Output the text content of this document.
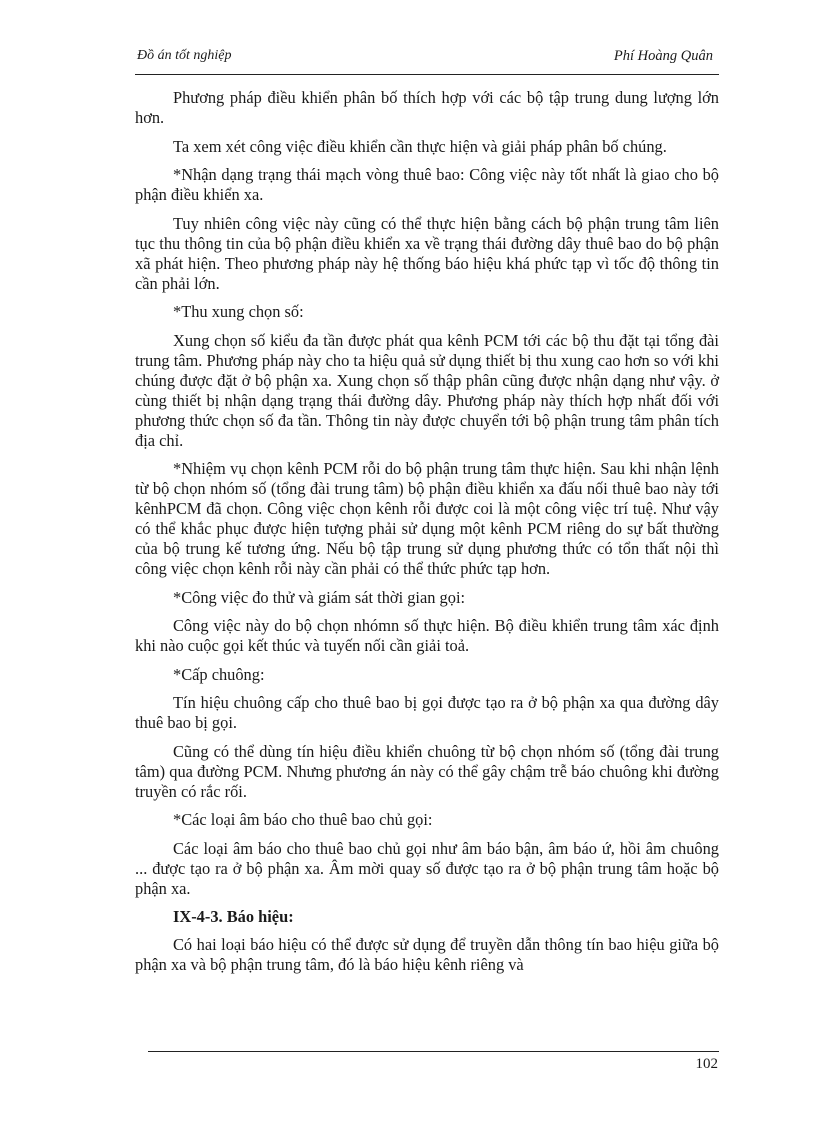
Đồ án tốt nghiệp	Phí Hoàng Quân

Phương pháp điều khiển phân bố thích hợp với các bộ tập trung dung lượng lớn hơn.

Ta xem xét công việc điều khiển cần thực hiện và giải pháp phân bố chúng.

*Nhận dạng trạng thái mạch vòng thuê bao: Công việc này tốt nhất là giao cho bộ phận điều khiển xa.

Tuy nhiên công việc này cũng có thể thực hiện bằng cách bộ phận trung tâm liên tục thu thông tin của bộ phận điều khiển xa về trạng thái đường dây thuê bao do bộ phận xã phát hiện. Theo phương pháp này hệ thống báo hiệu khá phức tạp vì tốc độ thông tin cần phải lớn.

*Thu xung chọn số:

Xung chọn số kiểu đa tần được phát qua kênh PCM tới các bộ thu đặt tại tổng đài trung tâm. Phương pháp này cho ta hiệu quả sử dụng thiết bị thu xung cao hơn so với khi chúng được đặt ở bộ phận xa. Xung chọn số thập phân cũng được nhận dạng như vậy. ở cùng thiết bị nhận dạng trạng thái đường dây. Phương pháp này thích hợp nhất đối với phương thức chọn số đa tần. Thông tin này được chuyển tới bộ phận trung tâm phân tích địa chỉ.

*Nhiệm vụ chọn kênh PCM rỗi do bộ phận trung tâm thực hiện. Sau khi nhận lệnh từ bộ chọn nhóm số (tổng đài trung tâm) bộ phận điều khiển xa đấu nối thuê bao này tới kênhPCM đã chọn. Công việc chọn kênh rỗi được coi là một công việc trí tuệ. Như vậy có thể khắc phục được hiện tượng phải sử dụng một kênh PCM riêng do sự bất thường của bộ trung kế tương ứng. Nếu bộ tập trung sử dụng phương thức có tổn thất nội thì công việc chọn kênh rỗi này cần phải có thể thức phức tạp hơn.

*Công việc đo thử và giám sát thời gian gọi:

Công việc này do bộ chọn nhómn số thực hiện. Bộ điều khiển trung tâm xác định khi nào cuộc gọi kết thúc và tuyến nối cần giải toả.

*Cấp chuông:

Tín hiệu chuông cấp cho thuê bao bị gọi được tạo ra ở bộ phận xa qua đường dây thuê bao bị gọi.

Cũng có thể dùng tín hiệu điều khiển chuông từ bộ chọn nhóm số (tổng đài trung tâm) qua đường PCM. Nhưng phương án này có thể gây chậm trễ báo chuông khi đường truyền có rắc rối.

*Các loại âm báo cho thuê bao chủ gọi:

Các loại âm báo cho thuê bao chủ gọi như âm báo bận, âm báo ứ, hồi âm chuông ... được tạo ra ở bộ phận xa. Âm mời quay số được tạo ra ở bộ phận trung tâm hoặc bộ phận xa.

IX-4-3. Báo hiệu:

Có hai loại báo hiệu có thể được sử dụng để truyền dẫn thông tín bao hiệu giữa bộ phận xa và bộ phận trung tâm, đó là báo hiệu kênh riêng và

102
